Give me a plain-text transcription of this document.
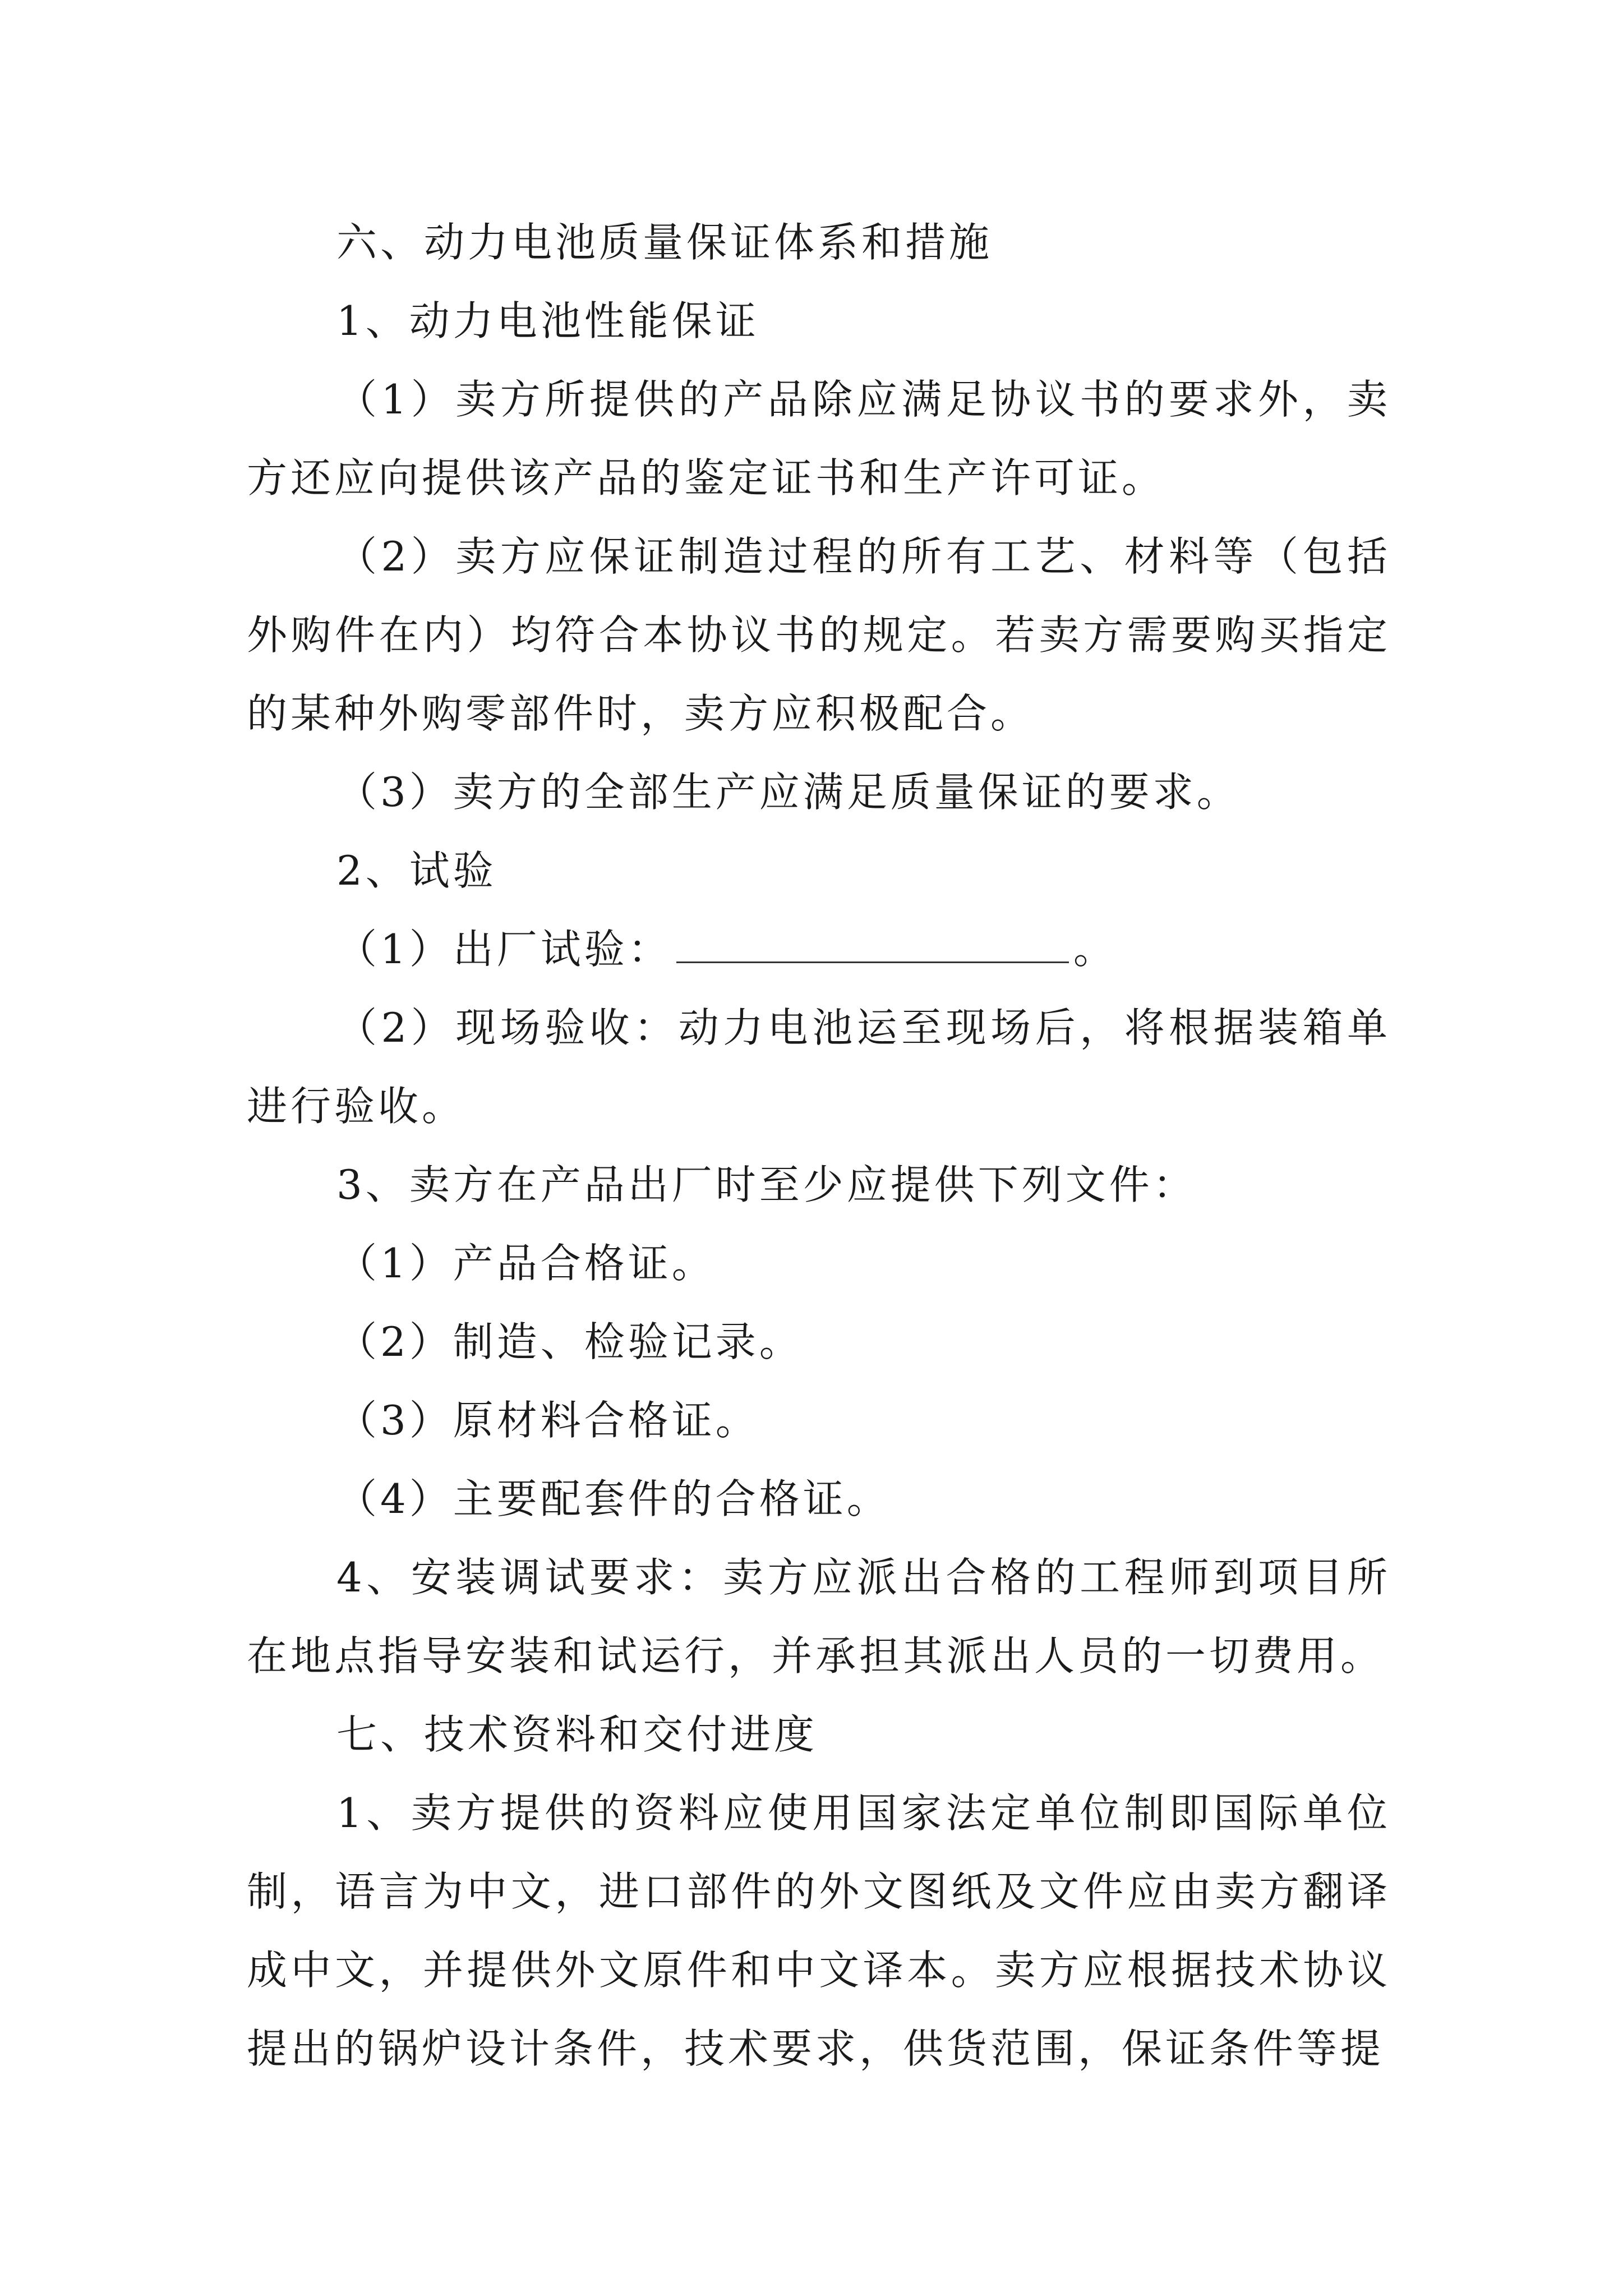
六、动力电池质量保证体系和措施

1、动力电池性能保证

（1）卖方所提供的产品除应满足协议书的要求外，卖方还应向提供该产品的鉴定证书和生产许可证。

（2）卖方应保证制造过程的所有工艺、材料等（包括外购件在内）均符合本协议书的规定。若卖方需要购买指定的某种外购零部件时，卖方应积极配合。

（3）卖方的全部生产应满足质量保证的要求。

2、试验

（1）出厂试验：	。

（2）现场验收：动力电池运至现场后，将根据装箱单进行验收。

3、卖方在产品出厂时至少应提供下列文件：

（1）产品合格证。

（2）制造、检验记录。

（3）原材料合格证。

（4）主要配套件的合格证。

4、安装调试要求：卖方应派出合格的工程师到项目所在地点指导安装和试运行，并承担其派出人员的一切费用。

七、技术资料和交付进度

1、卖方提供的资料应使用国家法定单位制即国际单位制，语言为中文，进口部件的外文图纸及文件应由卖方翻译成中文，并提供外文原件和中文译本。卖方应根据技术协议提出的锅炉设计条件，技术要求，供货范围，保证条件等提
